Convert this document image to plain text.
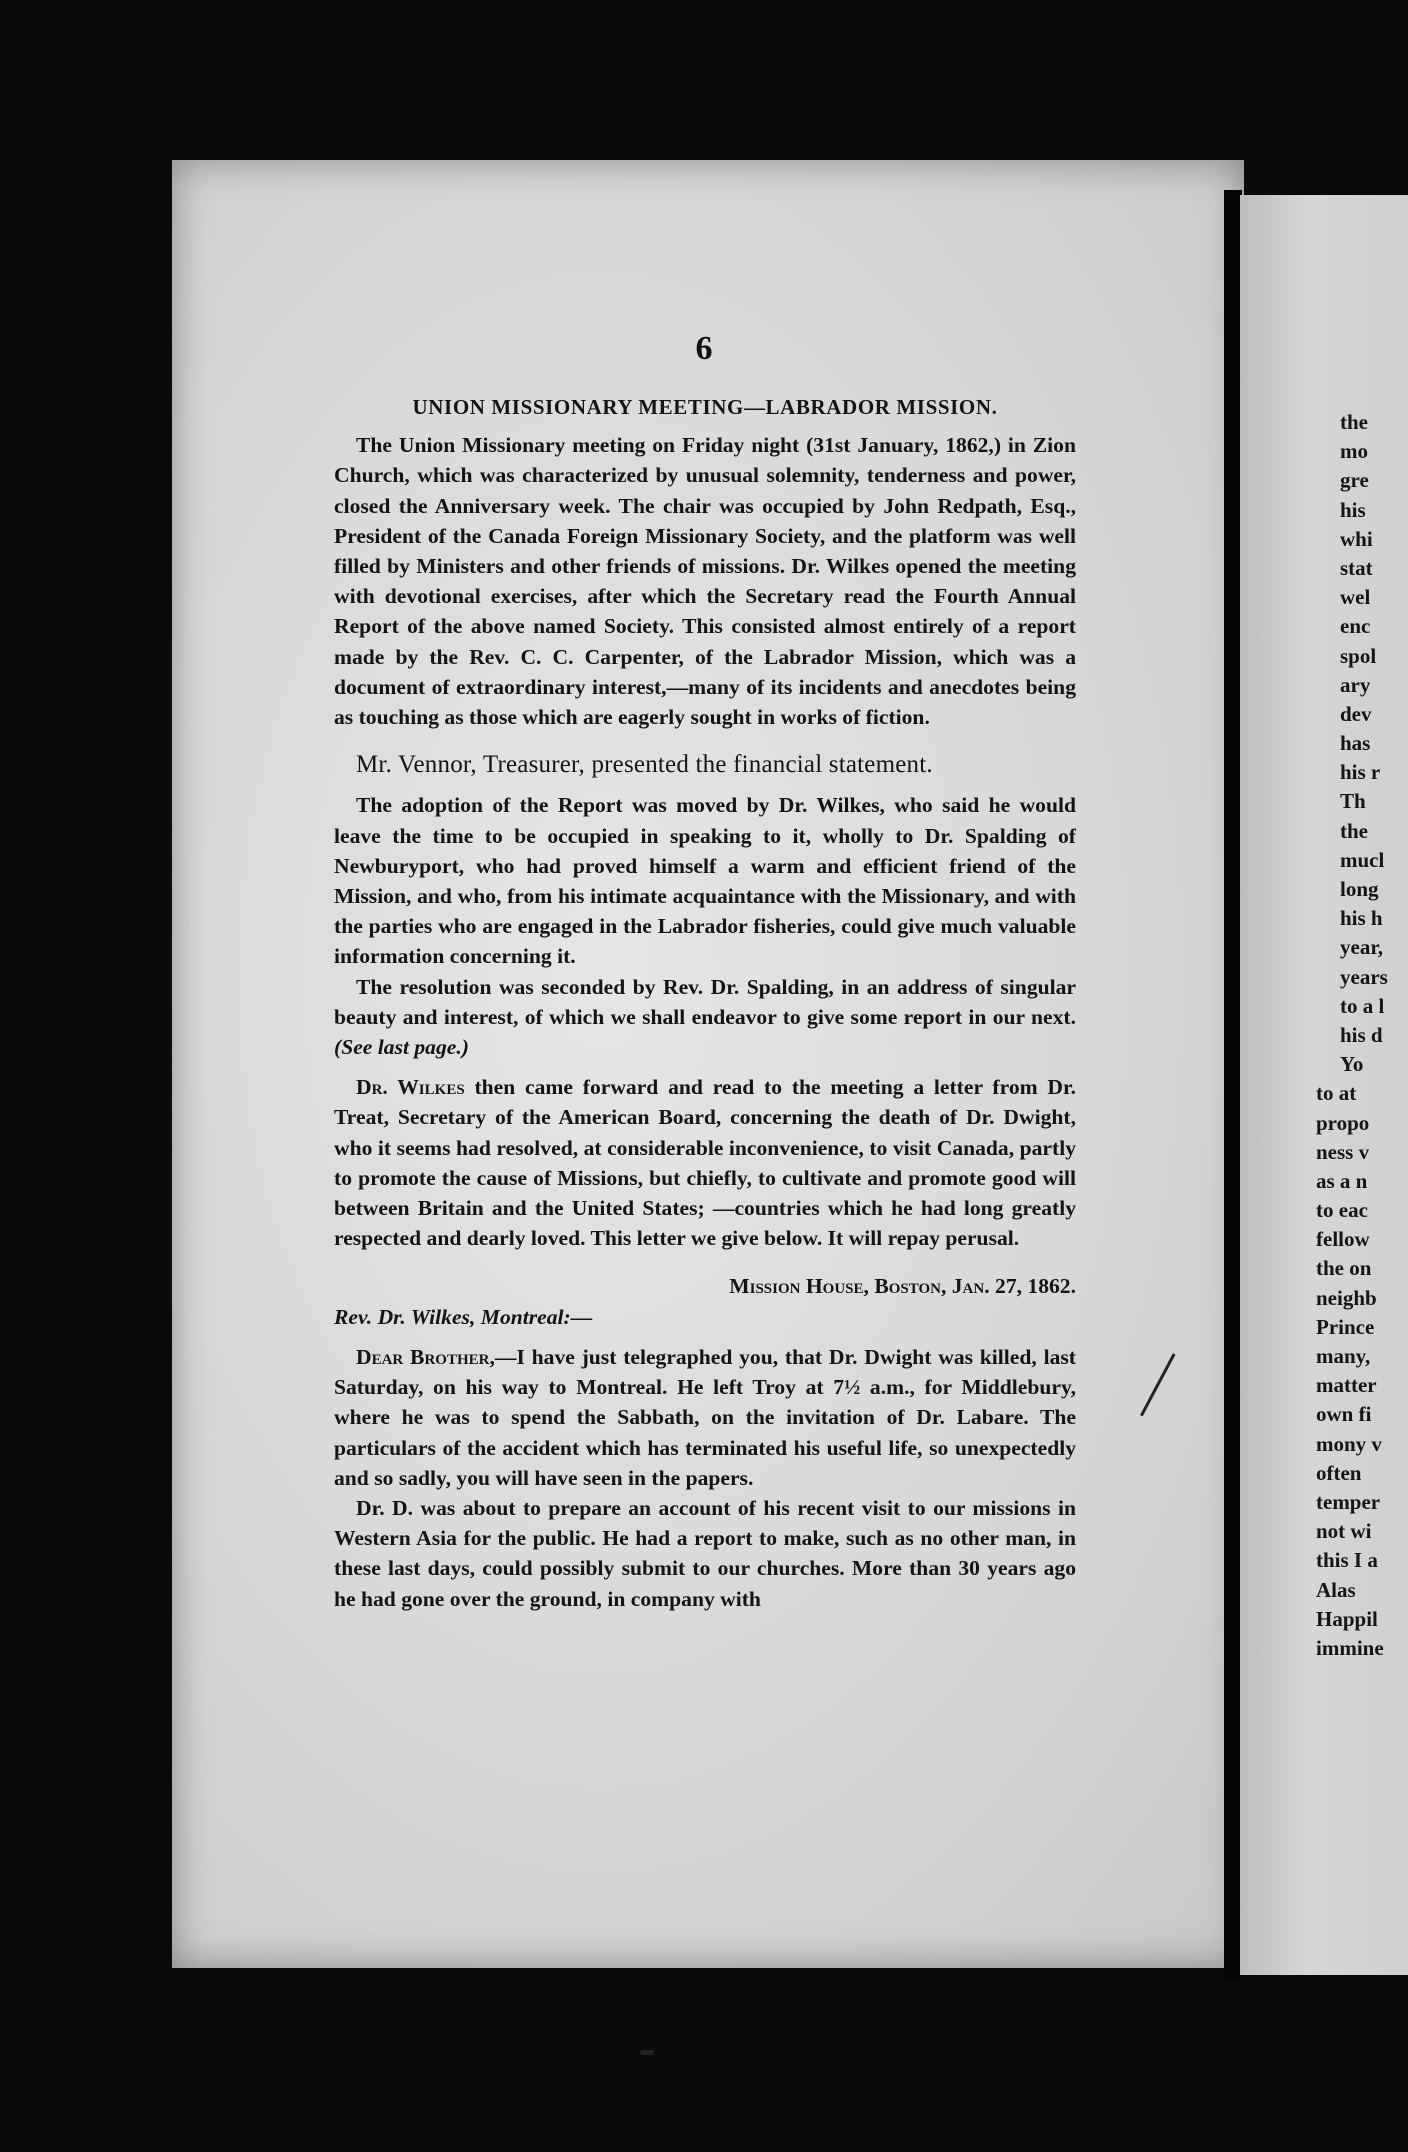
6
UNION MISSIONARY MEETING—LABRADOR MISSION.

The Union Missionary meeting on Friday night (31st January, 1862,) in Zion Church, which was characterized by unusual solemnity, tenderness and power, closed the Anniversary week. The chair was occupied by John Redpath, Esq., President of the Canada Foreign Missionary Society, and the platform was well filled by Ministers and other friends of missions. Dr. Wilkes opened the meeting with devotional exercises, after which the Secretary read the Fourth Annual Report of the above named Society. This consisted almost entirely of a report made by the Rev. C. C. Carpenter, of the Labrador Mission, which was a document of extraordinary interest,—many of its incidents and anecdotes being as touching as those which are eagerly sought in works of fiction.

Mr. Vennor, Treasurer, presented the financial statement.

The adoption of the Report was moved by Dr. Wilkes, who said he would leave the time to be occupied in speaking to it, wholly to Dr. Spalding of Newburyport, who had proved himself a warm and efficient friend of the Mission, and who, from his intimate acquaintance with the Missionary, and with the parties who are engaged in the Labrador fisheries, could give much valuable information concerning it.

The resolution was seconded by Rev. Dr. Spalding, in an address of singular beauty and interest, of which we shall endeavor to give some report in our next. (See last page.)

Dr. Wilkes then came forward and read to the meeting a letter from Dr. Treat, Secretary of the American Board, concerning the death of Dr. Dwight, who it seems had resolved, at considerable inconvenience, to visit Canada, partly to promote the cause of Missions, but chiefly, to cultivate and promote good will between Britain and the United States; —countries which he had long greatly respected and dearly loved. This letter we give below. It will repay perusal.

Mission House, Boston, Jan. 27, 1862.
Rev. Dr. Wilkes, Montreal:—

Dear Brother,—I have just telegraphed you, that Dr. Dwight was killed, last Saturday, on his way to Montreal. He left Troy at 7½ a.m., for Middlebury, where he was to spend the Sabbath, on the invitation of Dr. Labare. The particulars of the accident which has terminated his useful life, so unexpectedly and so sadly, you will have seen in the papers.

Dr. D. was about to prepare an account of his recent visit to our missions in Western Asia for the public. He had a report to make, such as no other man, in these last days, could possibly submit to our churches. More than 30 years ago he had gone over the ground, in company with

the
mo
gre
his
whi
stat
wel
enc
spol
ary
dev
has
his r
Th
the
mucl
long
his h
year,
years
to a l
his d
Yo
to at
propo
ness v
as a n
to eac
fellow
the on
neighb
Prince
many,
matter
own fi
mony v
often
temper
not wi
this I a
Alas
Happil
immine
